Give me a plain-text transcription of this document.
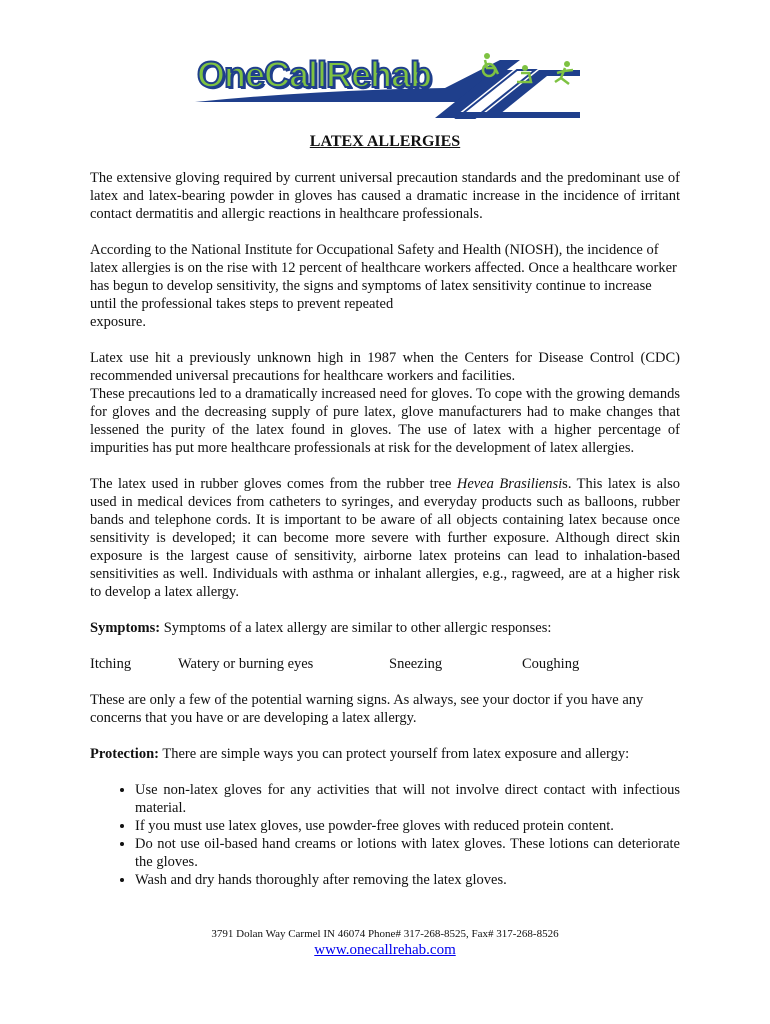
OneCallRehab
LATEX ALLERGIES

The extensive gloving required by current universal precaution standards and the predominant use of latex and latex-bearing powder in gloves has caused a dramatic increase in the incidence of irritant contact dermatitis and allergic reactions in healthcare professionals.

According to the National Institute for Occupational Safety and Health (NIOSH), the incidence of latex allergies is on the rise with 12 percent of healthcare workers affected. Once a healthcare worker has begun to develop sensitivity, the signs and symptoms of latex sensitivity continue to increase until the professional takes steps to prevent repeated
exposure.

Latex use hit a previously unknown high in 1987 when the Centers for Disease Control (CDC) recommended universal precautions for healthcare workers and facilities.
These precautions led to a dramatically increased need for gloves. To cope with the growing demands for gloves and the decreasing supply of pure latex, glove manufacturers had to make changes that lessened the purity of the latex found in gloves. The use of latex with a higher percentage of impurities has put more healthcare professionals at risk for the development of latex allergies.

The latex used in rubber gloves comes from the rubber tree Hevea Brasiliensis. This latex is also used in medical devices from catheters to syringes, and everyday products such as balloons, rubber bands and telephone cords. It is important to be aware of all objects containing latex because once sensitivity is developed; it can become more severe with further exposure. Although direct skin exposure is the largest cause of sensitivity, airborne latex proteins can lead to inhalation-based sensitivities as well. Individuals with asthma or inhalant allergies, e.g., ragweed, are at a higher risk to develop a latex allergy.

Symptoms: Symptoms of a latex allergy are similar to other allergic responses:

Itching	Watery or burning eyes	Sneezing	Coughing

These are only a few of the potential warning signs. As always, see your doctor if you have any concerns that you have or are developing a latex allergy.

Protection: There are simple ways you can protect yourself from latex exposure and allergy:

• Use non-latex gloves for any activities that will not involve direct contact with infectious material.
• If you must use latex gloves, use powder-free gloves with reduced protein content.
• Do not use oil-based hand creams or lotions with latex gloves. These lotions can deteriorate the gloves.
• Wash and dry hands thoroughly after removing the latex gloves.
3791 Dolan Way Carmel IN 46074 Phone# 317-268-8525, Fax# 317-268-8526
www.onecallrehab.com
